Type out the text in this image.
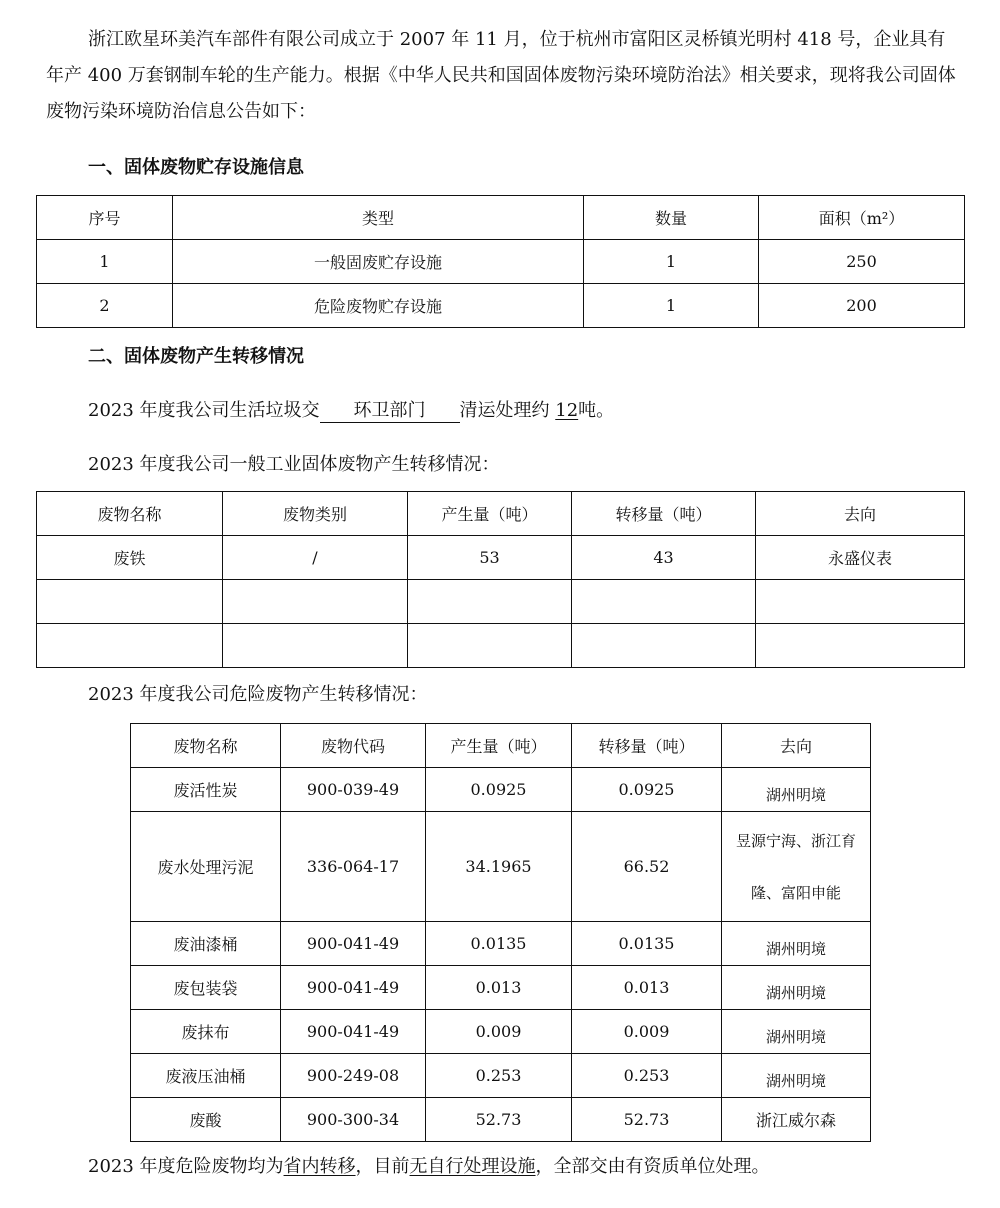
浙江欧星环美汽车部件有限公司成立于 2007 年 11 月，位于杭州市富阳区灵桥镇光明村 418 号，企业具有年产 400 万套钢制车轮的生产能力。根据《中华人民共和国固体废物污染环境防治法》相关要求，现将我公司固体废物污染环境防治信息公告如下：

一、固体废物贮存设施信息
序号	类型	数量	面积（m²）
1	一般固废贮存设施	1	250
2	危险废物贮存设施	1	200
二、固体废物产生转移情况
2023 年度我公司生活垃圾交 环卫部门 清运处理约 12吨。
2023 年度我公司一般工业固体废物产生转移情况：
废物名称	废物类别	产生量（吨）	转移量（吨）	去向
废铁	/	53	43	永盛仪表

2023 年度我公司危险废物产生转移情况：
废物名称	废物代码	产生量（吨）	转移量（吨）	去向
废活性炭	900-039-49	0.0925	0.0925	湖州明境
废水处理污泥	336-064-17	34.1965	66.52	昱源宁海、浙江育隆、富阳申能
废油漆桶	900-041-49	0.0135	0.0135	湖州明境
废包装袋	900-041-49	0.013	0.013	湖州明境
废抹布	900-041-49	0.009	0.009	湖州明境
废液压油桶	900-249-08	0.253	0.253	湖州明境
废酸	900-300-34	52.73	52.73	浙江威尔森
2023 年度危险废物均为省内转移，目前无自行处理设施，全部交由有资质单位处理。
